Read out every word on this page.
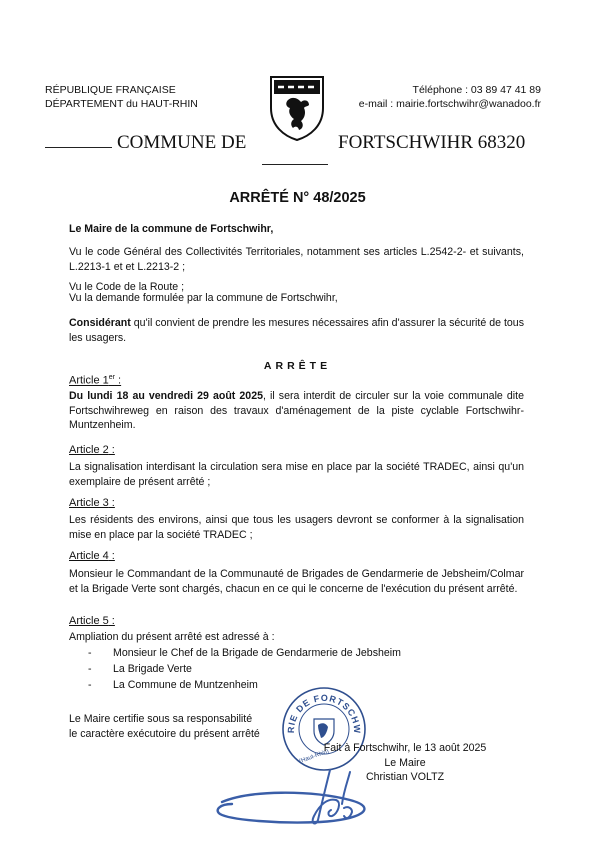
RÉPUBLIQUE FRANÇAISE
DÉPARTEMENT du HAUT-RHIN
Téléphone : 03 89 47 41 89
e-mail : mairie.fortschwihr@wanadoo.fr
COMMUNE DE	FORTSCHWIHR 68320
ARRÊTÉ N° 48/2025
Le Maire de la commune de Fortschwihr,
Vu le code Général des Collectivités Territoriales, notamment ses articles L.2542-2- et suivants, L.2213-1 et et L.2213-2 ;
Vu le Code de la Route ;
Vu la demande formulée par la commune de Fortschwihr,
Considérant qu'il convient de prendre les mesures nécessaires afin d'assurer la sécurité de tous les usagers.
ARRÊTE
Article 1er :
Du lundi 18 au vendredi 29 août 2025, il sera interdit de circuler sur la voie communale dite Fortschwihreweg en raison des travaux d'aménagement de la piste cyclable Fortschwihr-Muntzenheim.
Article 2 :
La signalisation interdisant la circulation sera mise en place par la société TRADEC, ainsi qu'un exemplaire de présent arrêté ;
Article 3 :
Les résidents des environs, ainsi que tous les usagers devront se conformer à la signalisation mise en place par la société TRADEC ;
Article 4 :
Monsieur le Commandant de la Communauté de Brigades de Gendarmerie de Jebsheim/Colmar et la Brigade Verte sont chargés, chacun en ce qui le concerne de l'exécution du présent arrêté.
Article 5 :
Ampliation du présent arrêté est adressé à :
- Monsieur le Chef de la Brigade de Gendarmerie de Jebsheim
- La Brigade Verte
- La Commune de Muntzenheim
Le Maire certifie sous sa responsabilité
le caractère exécutoire du présent arrêté	RIE DE FORTSCHW
(Haut-Rhin)
Fait à Fortschwihr, le 13 août 2025
Le Maire
Christian VOLTZ
